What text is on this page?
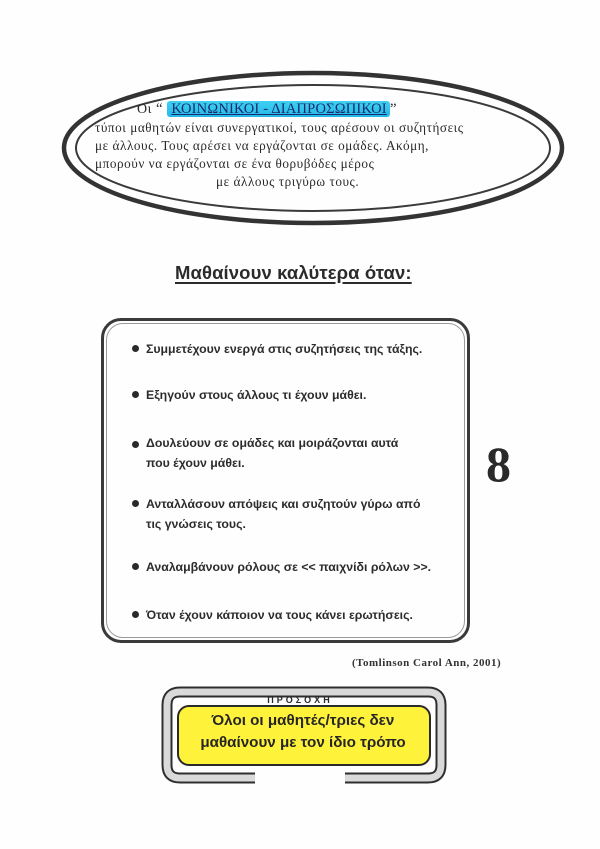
Οι “ ΚΟΙΝΩΝΙΚΟΙ - ΔΙΑΠΡΟΣΩΠΙΚΟΙ ”
τύποι μαθητών είναι συνεργατικοί, τους αρέσουν οι συζητήσεις
με άλλους. Τους αρέσει να εργάζονται σε ομάδες. Ακόμη,
μπορούν να εργάζονται σε ένα θορυβόδες μέρος
με άλλους τριγύρω τους.
Μαθαίνουν καλύτερα όταν:
Συμμετέχουν ενεργά στις συζητήσεις της τάξης.
Εξηγούν στους άλλους τι έχουν μάθει.
Δουλεύουν σε ομάδες και μοιράζονται αυτά
που έχουν μάθει.
Ανταλλάσουν απόψεις και συζητούν γύρω από
τις γνώσεις τους.
Αναλαμβάνουν ρόλους σε << παιχνίδι ρόλων >>.
Όταν έχουν κάποιον να τους κάνει ερωτήσεις.
8
(Tomlinson Carol Ann, 2001)
ΠΡΟΣΟΧΗ
Όλοι οι μαθητές/τριες δεν
μαθαίνουν με τον ίδιο τρόπο
